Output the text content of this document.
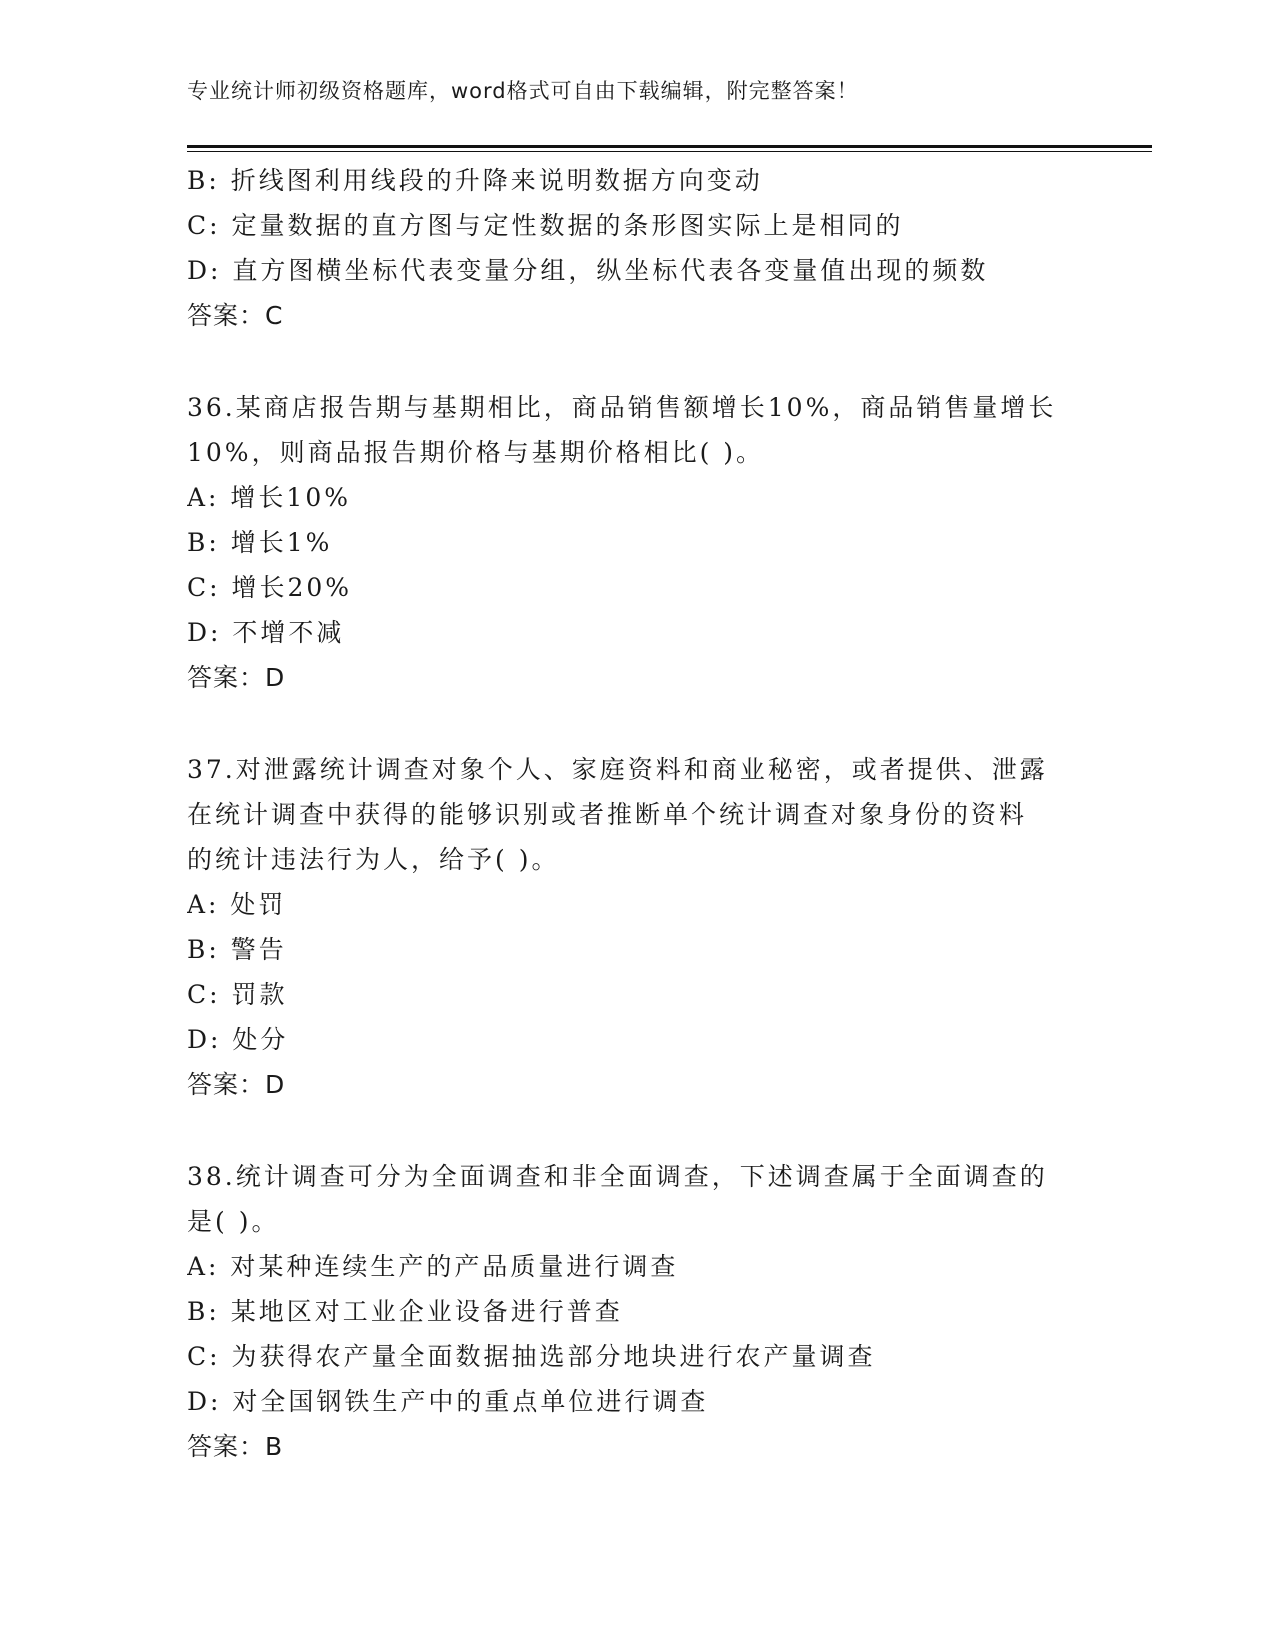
专业统计师初级资格题库，word格式可自由下载编辑，附完整答案！
B: 折线图利用线段的升降来说明数据方向变动
C: 定量数据的直方图与定性数据的条形图实际上是相同的
D: 直方图横坐标代表变量分组，纵坐标代表各变量值出现的频数
答案：C
36.某商店报告期与基期相比，商品销售额增长10%，商品销售量增长
10%，则商品报告期价格与基期价格相比( )。
A: 增长10%
B: 增长1%
C: 增长20%
D: 不增不减
答案：D
37.对泄露统计调查对象个人、家庭资料和商业秘密，或者提供、泄露
在统计调查中获得的能够识别或者推断单个统计调查对象身份的资料
的统计违法行为人，给予( )。
A: 处罚
B: 警告
C: 罚款
D: 处分
答案：D
38.统计调查可分为全面调查和非全面调查，下述调查属于全面调查的
是( )。
A: 对某种连续生产的产品质量进行调查
B: 某地区对工业企业设备进行普查
C: 为获得农产量全面数据抽选部分地块进行农产量调查
D: 对全国钢铁生产中的重点单位进行调查
答案：B
